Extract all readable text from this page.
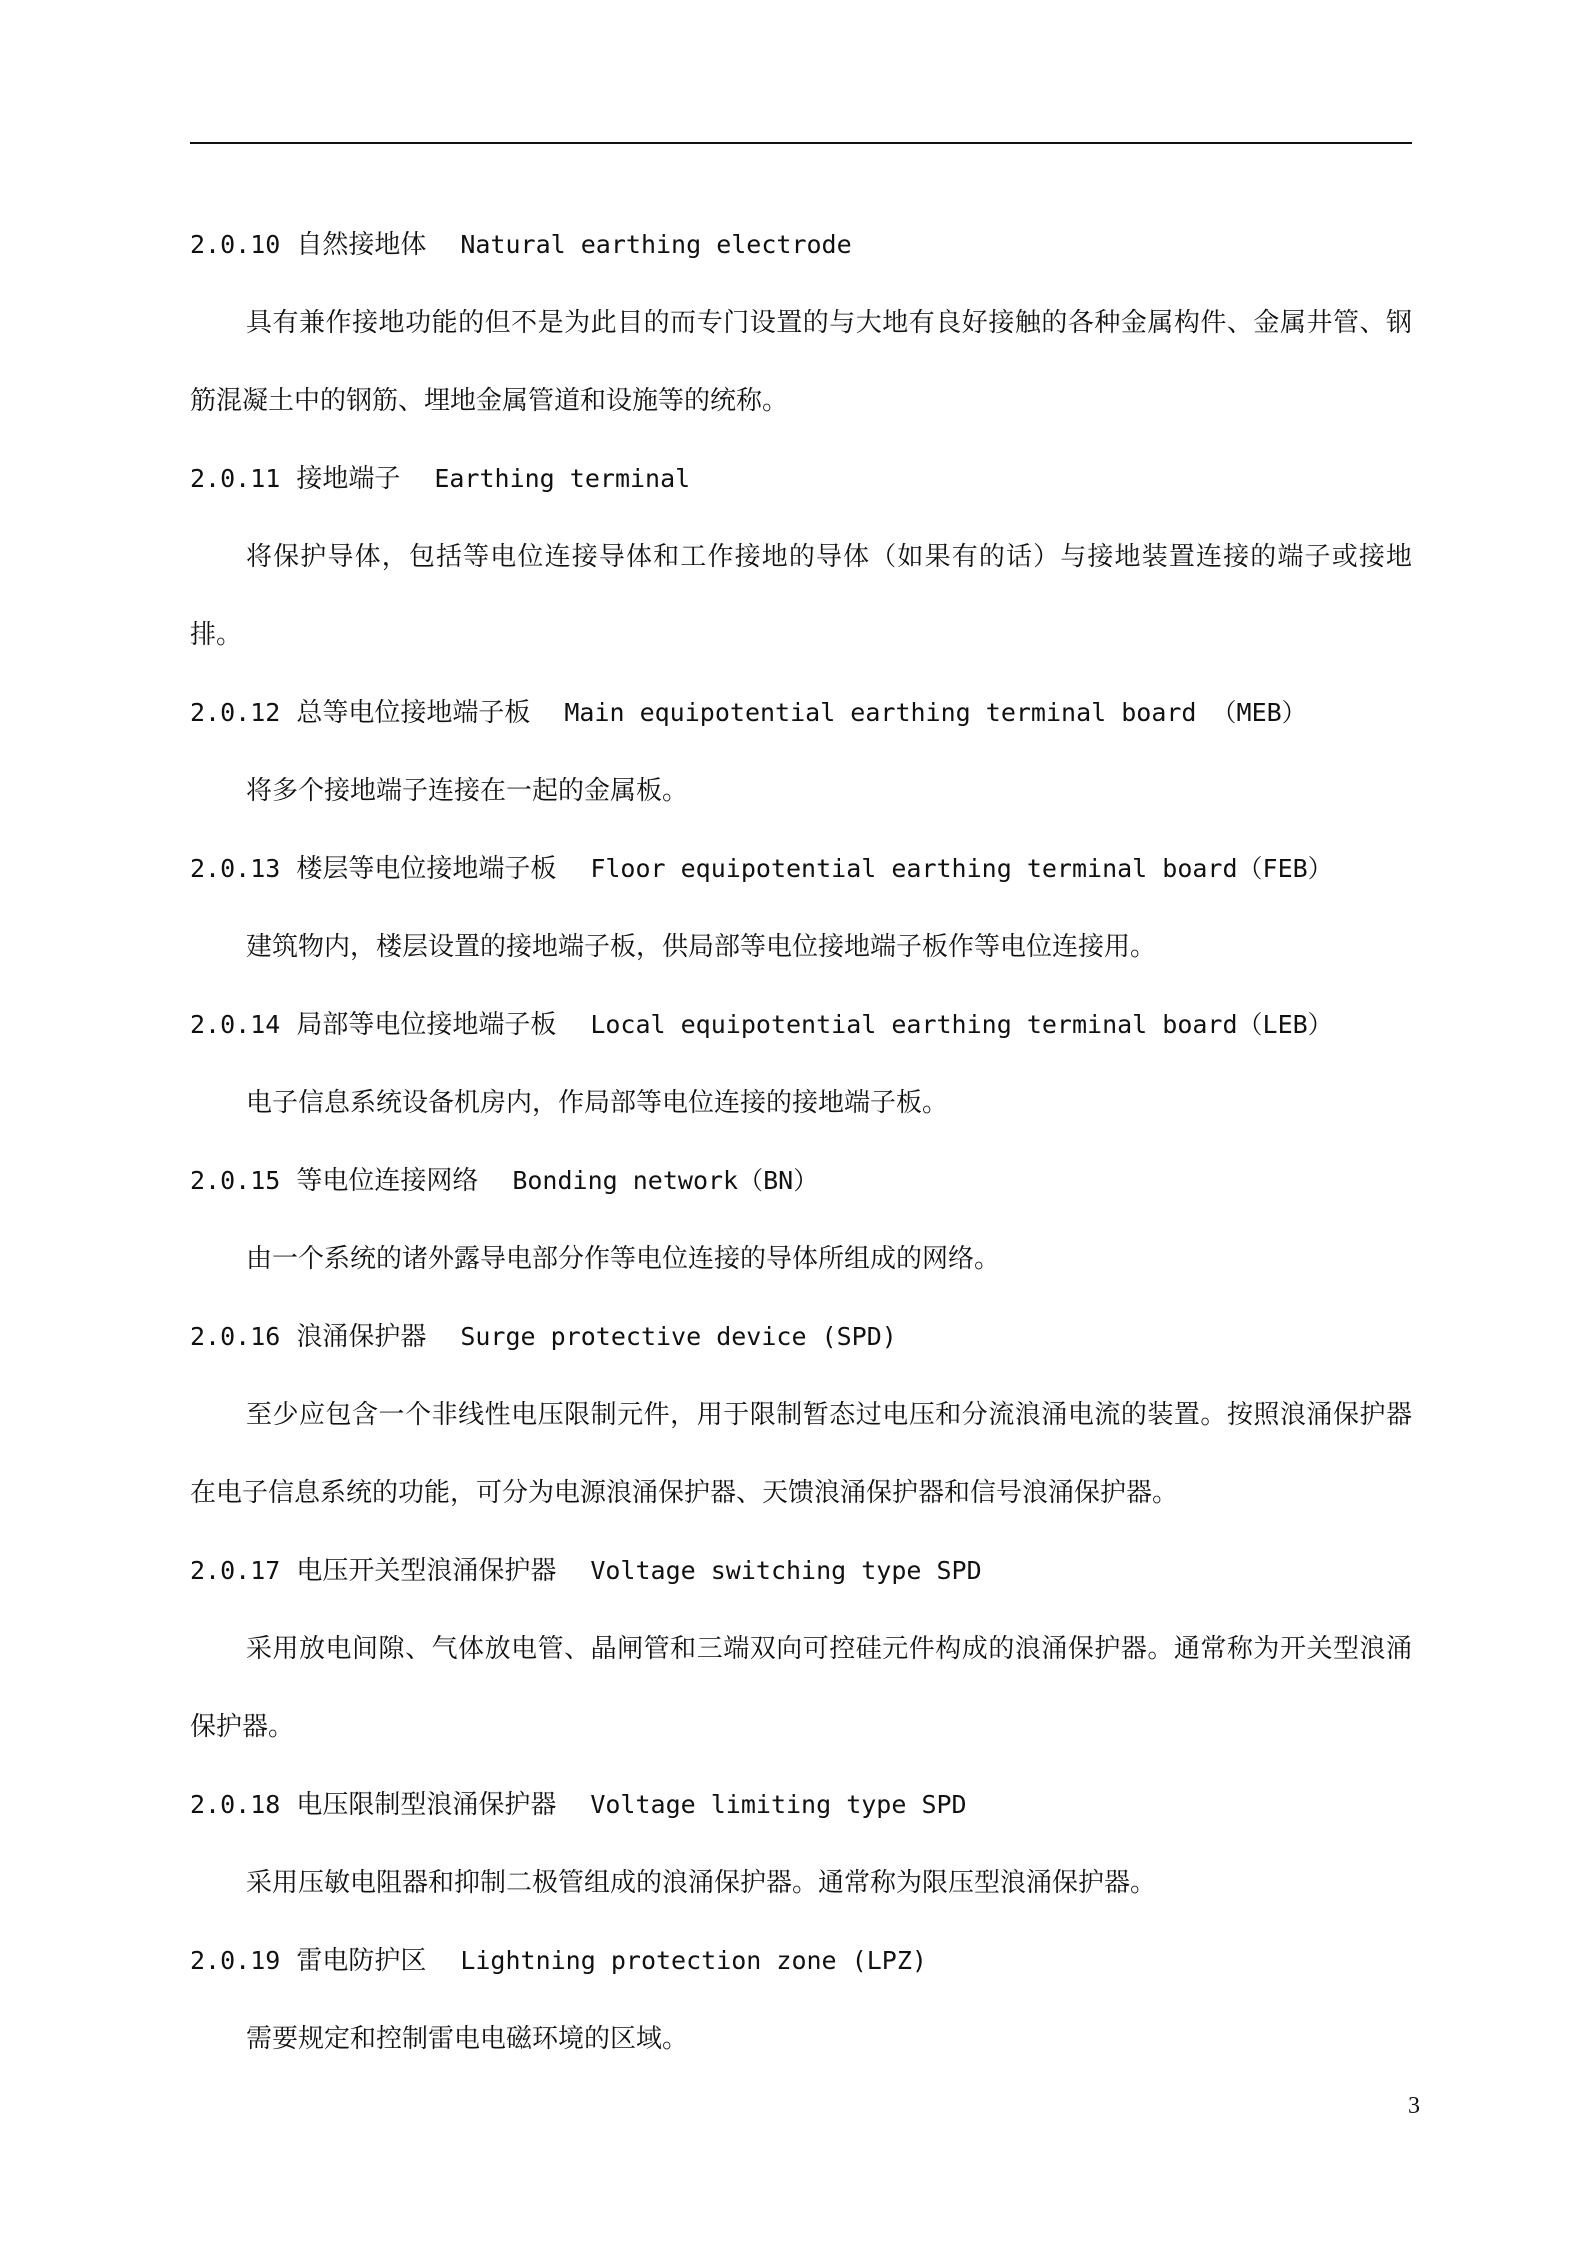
2.0.10 自然接地体 Natural earthing electrode

具有兼作接地功能的但不是为此目的而专门设置的与大地有良好接触的各种金属构件、金属井管、钢筋混凝土中的钢筋、埋地金属管道和设施等的统称。

2.0.11 接地端子 Earthing terminal

将保护导体，包括等电位连接导体和工作接地的导体（如果有的话）与接地装置连接的端子或接地排。

2.0.12 总等电位接地端子板 Main equipotential earthing terminal board （MEB）

将多个接地端子连接在一起的金属板。

2.0.13 楼层等电位接地端子板 Floor equipotential earthing terminal board（FEB）

建筑物内，楼层设置的接地端子板，供局部等电位接地端子板作等电位连接用。

2.0.14 局部等电位接地端子板 Local equipotential earthing terminal board（LEB）

电子信息系统设备机房内，作局部等电位连接的接地端子板。

2.0.15 等电位连接网络 Bonding network（BN）

由一个系统的诸外露导电部分作等电位连接的导体所组成的网络。

2.0.16 浪涌保护器 Surge protective device (SPD)

至少应包含一个非线性电压限制元件，用于限制暂态过电压和分流浪涌电流的装置。按照浪涌保护器在电子信息系统的功能，可分为电源浪涌保护器、天馈浪涌保护器和信号浪涌保护器。

2.0.17 电压开关型浪涌保护器 Voltage switching type SPD

采用放电间隙、气体放电管、晶闸管和三端双向可控硅元件构成的浪涌保护器。通常称为开关型浪涌保护器。

2.0.18 电压限制型浪涌保护器 Voltage limiting type SPD

采用压敏电阻器和抑制二极管组成的浪涌保护器。通常称为限压型浪涌保护器。

2.0.19 雷电防护区 Lightning protection zone (LPZ)

需要规定和控制雷电电磁环境的区域。

3
